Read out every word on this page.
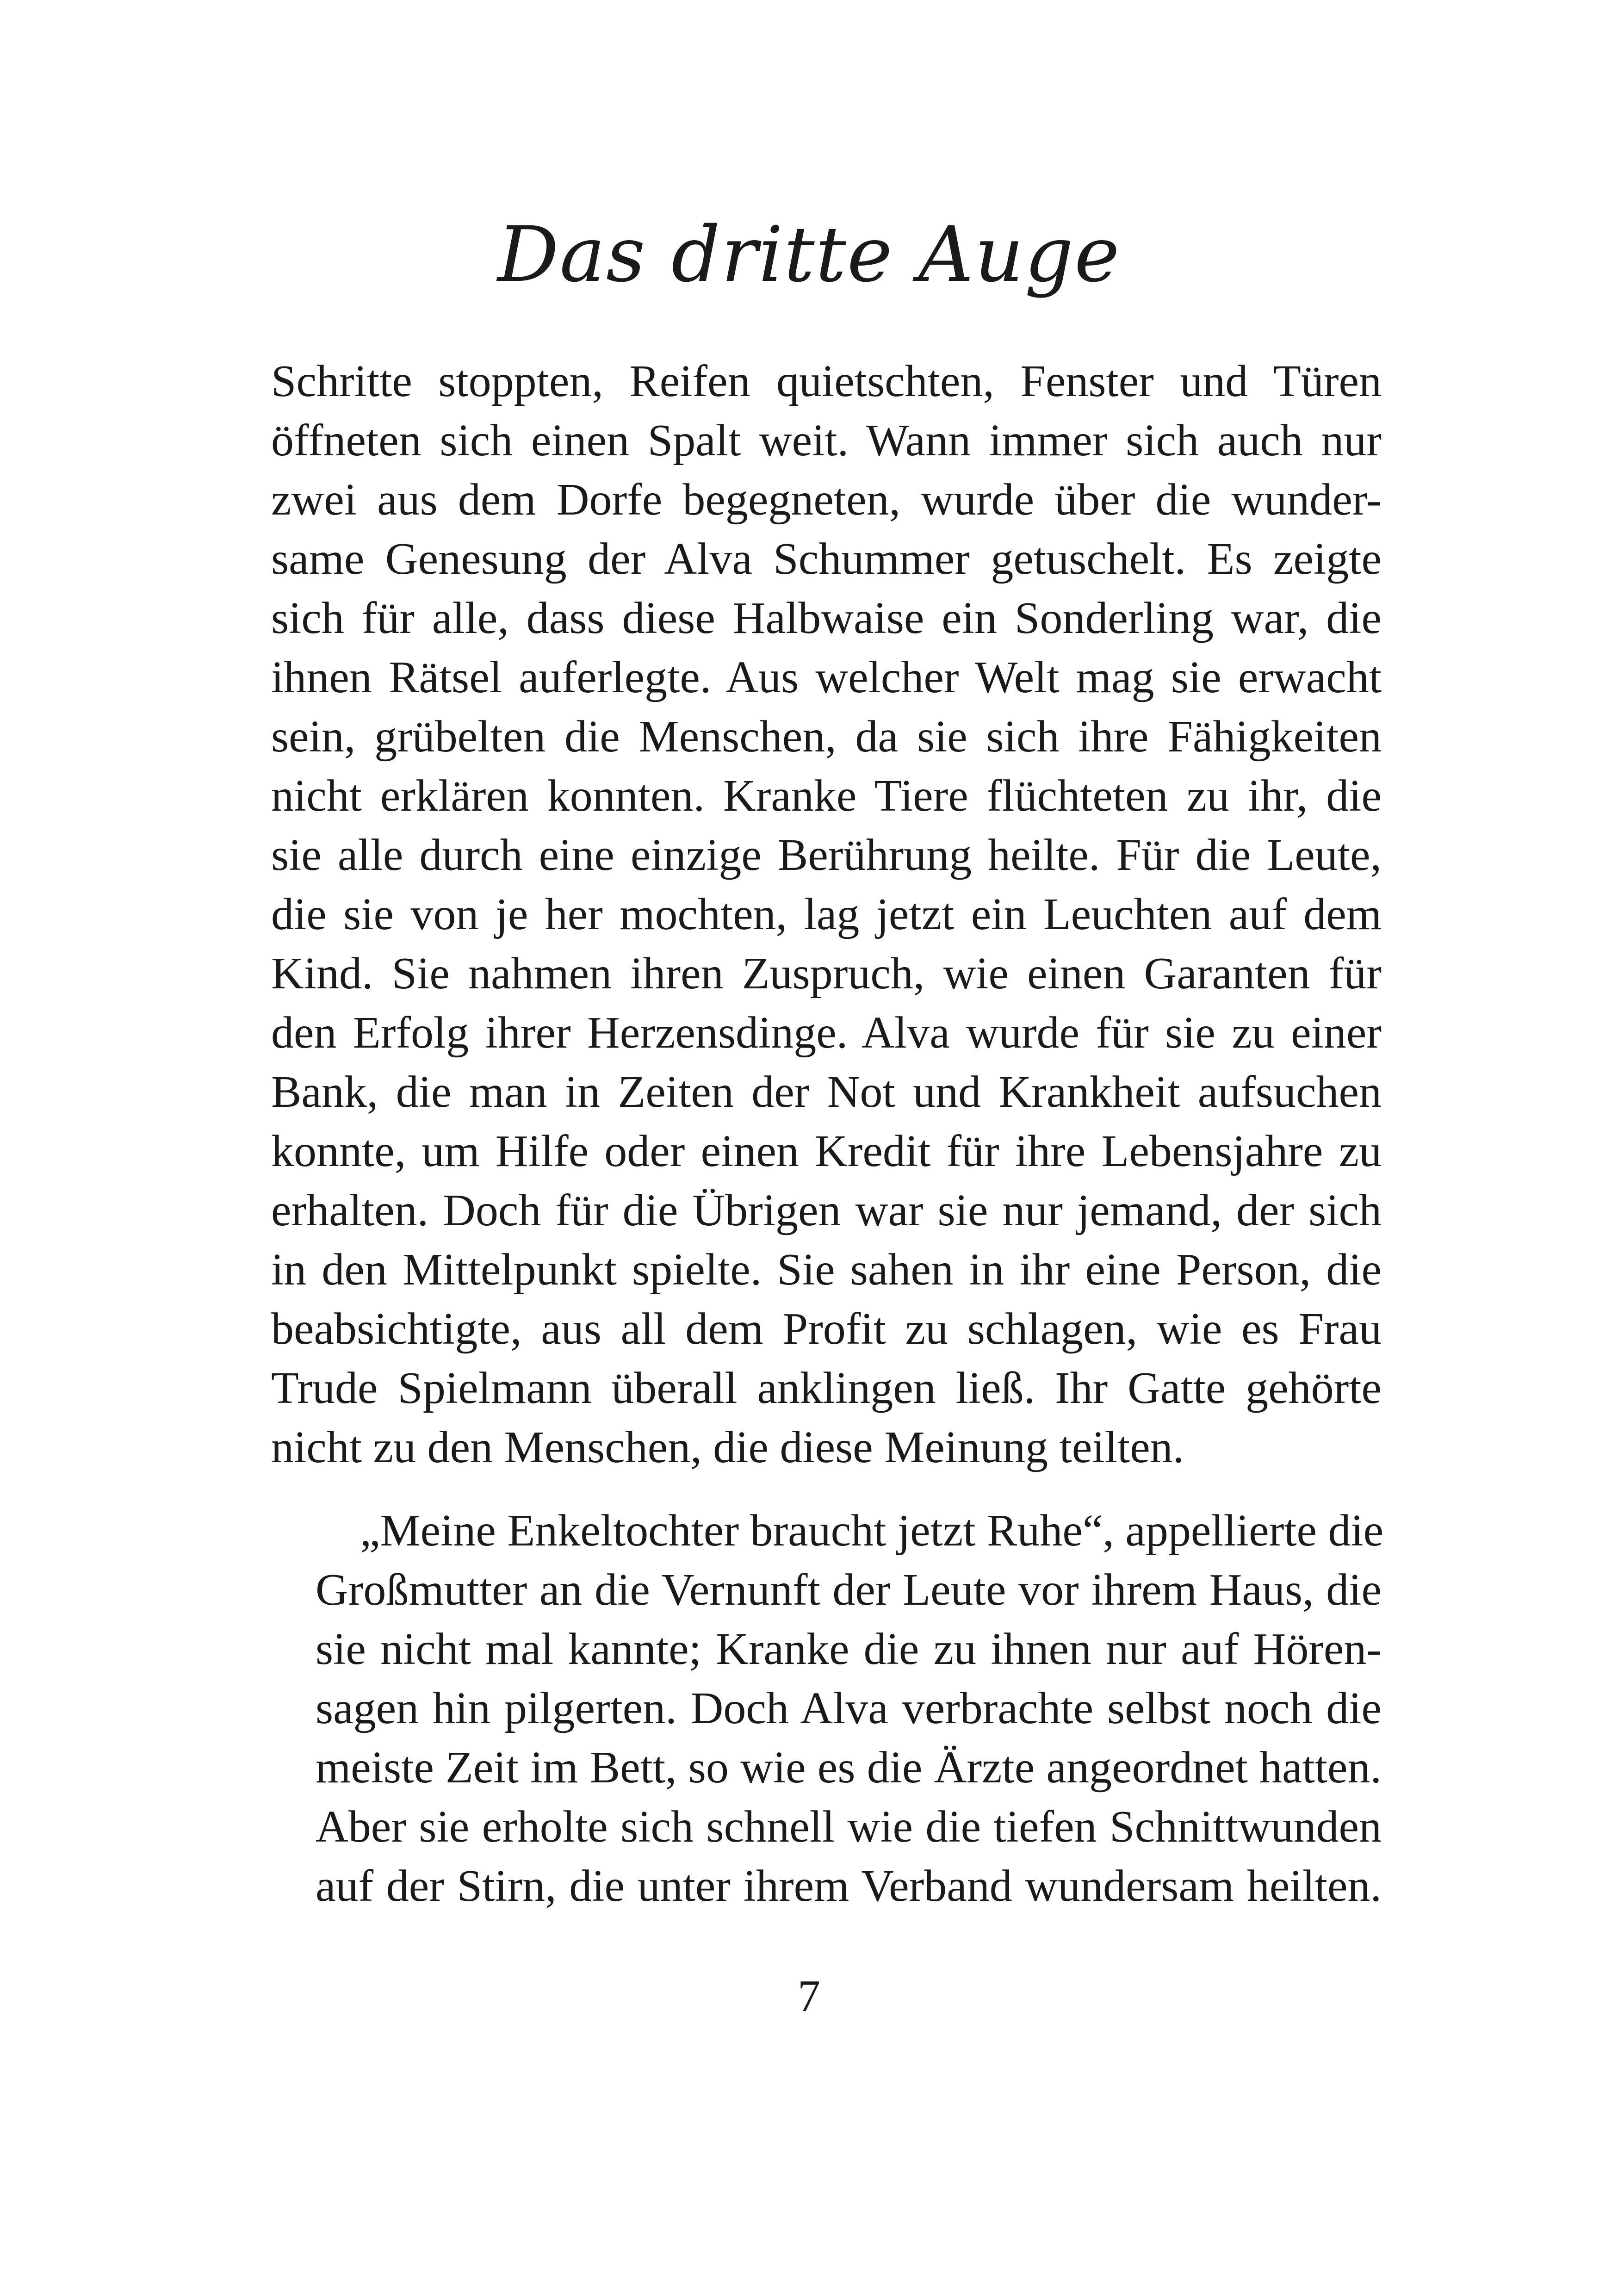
Das dritte Auge

Schritte stoppten, Reifen quietschten, Fenster und Türen
öffneten sich einen Spalt weit. Wann immer sich auch nur
zwei aus dem Dorfe begegneten, wurde über die wunder-
same Genesung der Alva Schummer getuschelt. Es zeigte
sich für alle, dass diese Halbwaise ein Sonderling war, die
ihnen Rätsel auferlegte. Aus welcher Welt mag sie erwacht
sein, grübelten die Menschen, da sie sich ihre Fähigkeiten
nicht erklären konnten. Kranke Tiere flüchteten zu ihr, die
sie alle durch eine einzige Berührung heilte. Für die Leute,
die sie von je her mochten, lag jetzt ein Leuchten auf dem
Kind. Sie nahmen ihren Zuspruch, wie einen Garanten für
den Erfolg ihrer Herzensdinge. Alva wurde für sie zu einer
Bank, die man in Zeiten der Not und Krankheit aufsuchen
konnte, um Hilfe oder einen Kredit für ihre Lebensjahre zu
erhalten. Doch für die Übrigen war sie nur jemand, der sich
in den Mittelpunkt spielte. Sie sahen in ihr eine Person, die
beabsichtigte, aus all dem Profit zu schlagen, wie es Frau
Trude Spielmann überall anklingen ließ. Ihr Gatte gehörte
nicht zu den Menschen, die diese Meinung teilten.

„Meine Enkeltochter braucht jetzt Ruhe“, appellierte die
Großmutter an die Vernunft der Leute vor ihrem Haus, die
sie nicht mal kannte; Kranke die zu ihnen nur auf Hören-
sagen hin pilgerten. Doch Alva verbrachte selbst noch die
meiste Zeit im Bett, so wie es die Ärzte angeordnet hatten.
Aber sie erholte sich schnell wie die tiefen Schnittwunden
auf der Stirn, die unter ihrem Verband wundersam heilten.

7
